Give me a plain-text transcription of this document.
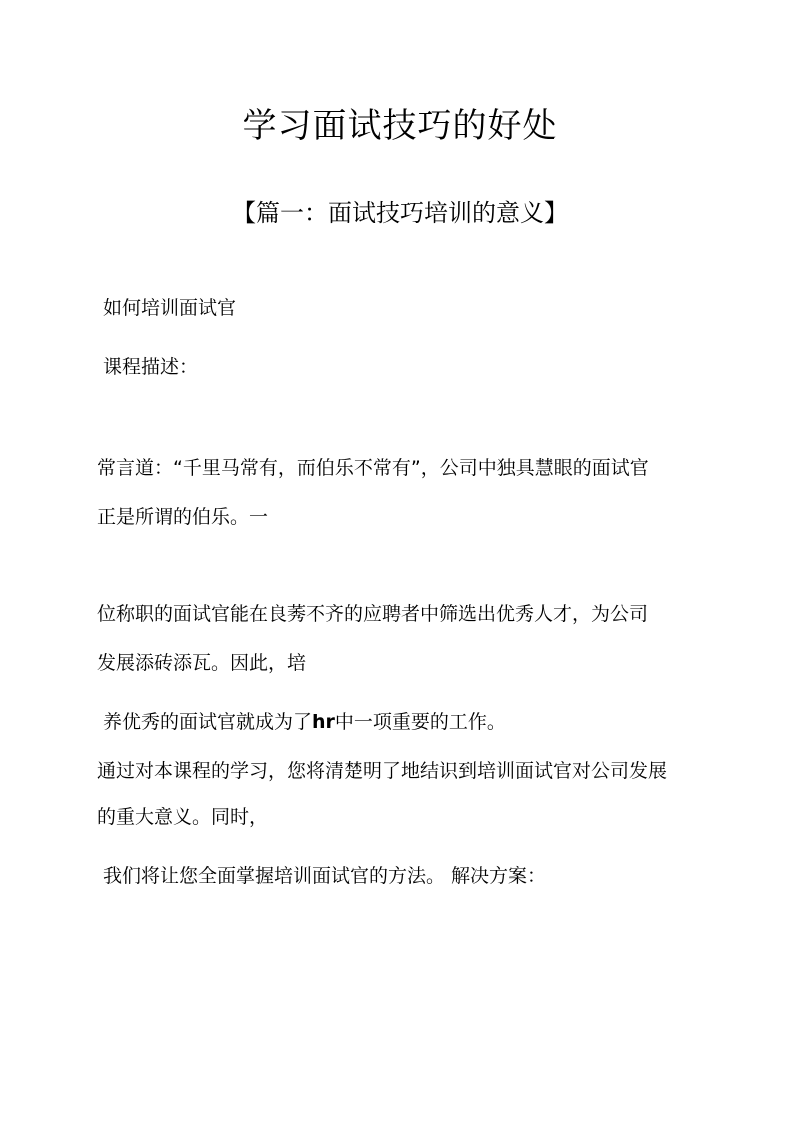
学习面试技巧的好处
【篇一：面试技巧培训的意义】
如何培训面试官
课程描述：
常言道：“千里马常有，而伯乐不常有”，公司中独具慧眼的面试官
正是所谓的伯乐。一
位称职的面试官能在良莠不齐的应聘者中筛选出优秀人才，为公司
发展添砖添瓦。因此，培
养优秀的面试官就成为了hr中一项重要的工作。
通过对本课程的学习，您将清楚明了地结识到培训面试官对公司发展
的重大意义。同时，
我们将让您全面掌握培训面试官的方法。 解决方案：
